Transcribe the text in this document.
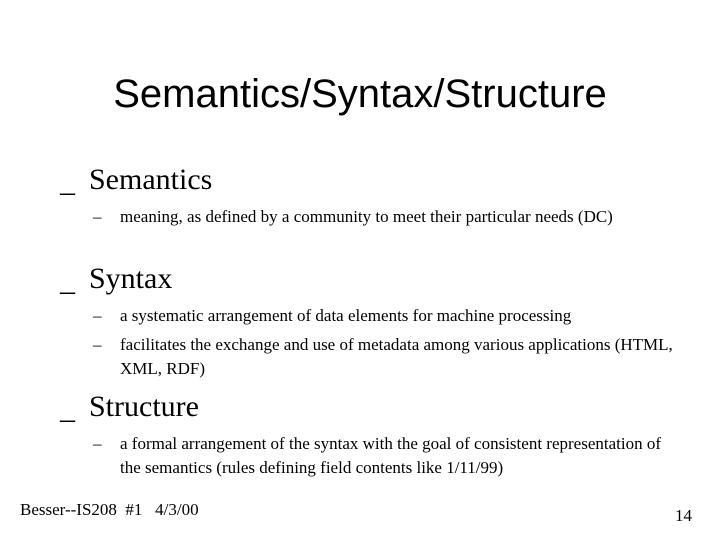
Semantics/Syntax/Structure
_ Semantics
– meaning, as defined by a community to meet their particular needs (DC)
_ Syntax
– a systematic arrangement of data elements for machine processing
– facilitates the exchange and use of metadata among various applications (HTML, XML, RDF)
_ Structure
– a formal arrangement of the syntax with the goal of consistent representation of the semantics (rules defining field contents like 1/11/99)
Besser--IS208  #1   4/3/00	14
